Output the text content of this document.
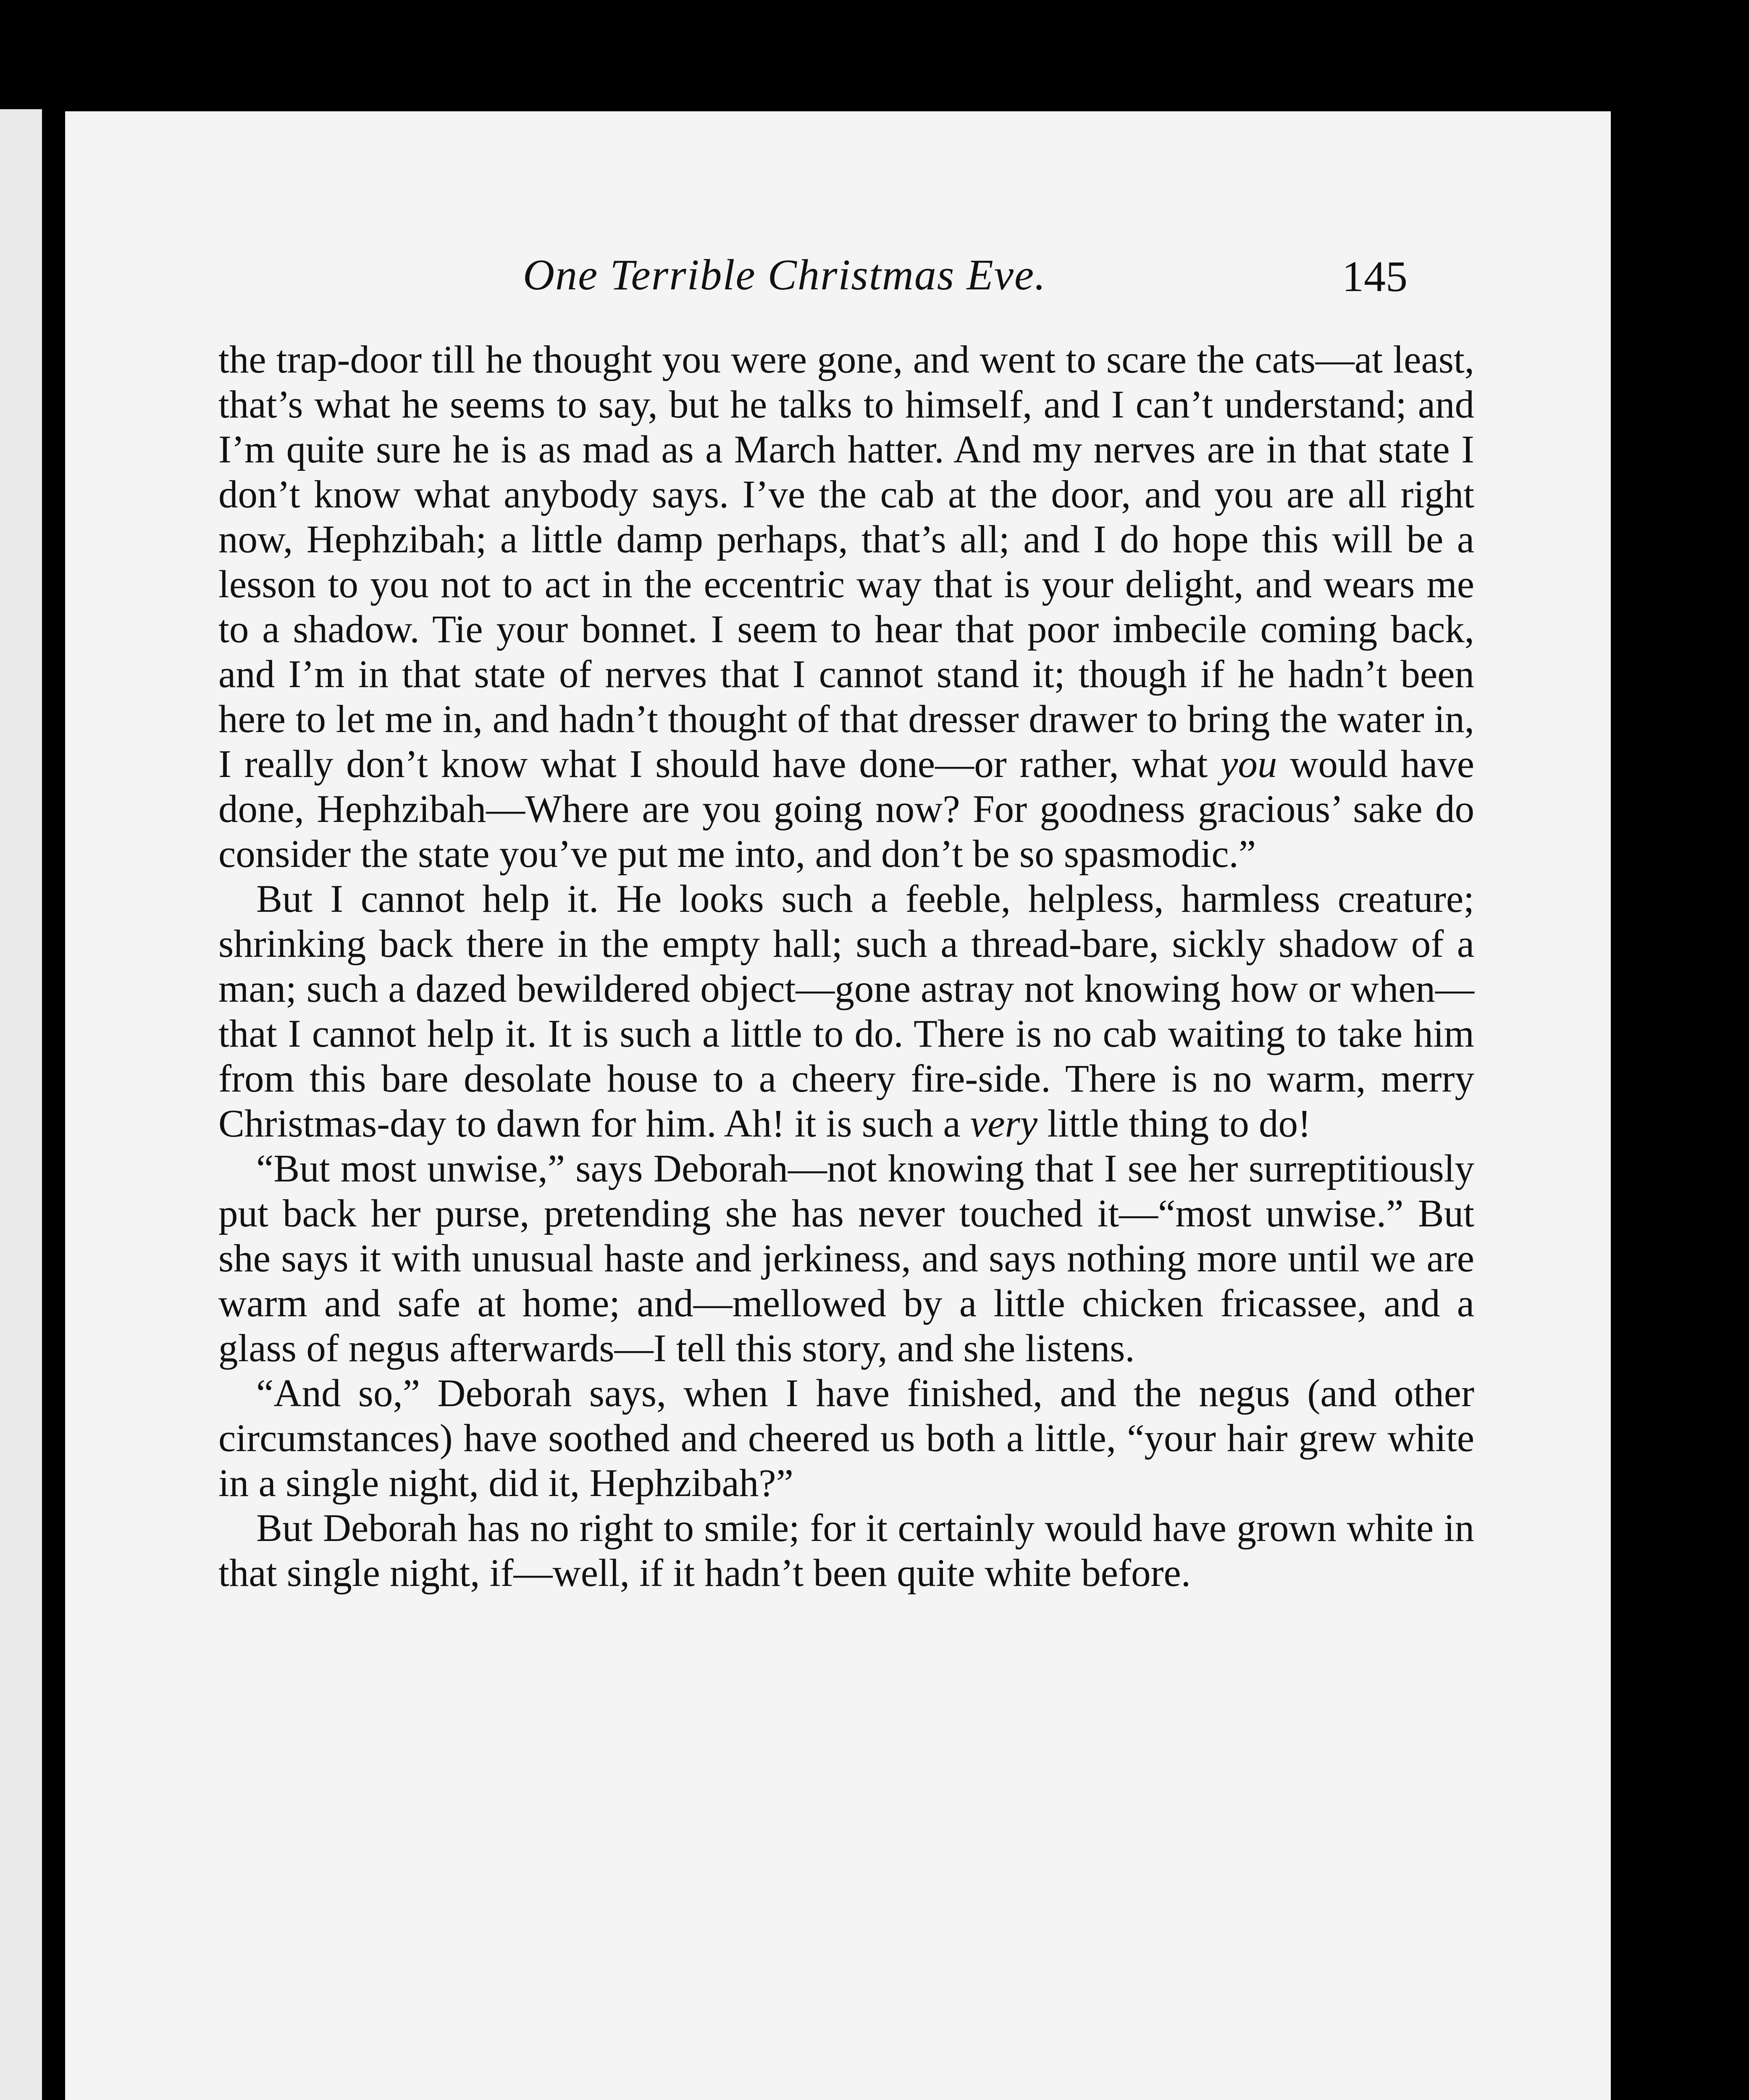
One Terrible Christmas Eve.	145

the trap-door till he thought you were gone, and went to scare the cats—at least, that’s what he seems to say, but he talks to himself, and I can’t understand; and I’m quite sure he is as mad as a March hatter. And my nerves are in that state I don’t know what anybody says. I’ve the cab at the door, and you are all right now, Hephzibah; a little damp perhaps, that’s all; and I do hope this will be a lesson to you not to act in the eccentric way that is your delight, and wears me to a shadow. Tie your bonnet. I seem to hear that poor imbecile coming back, and I’m in that state of nerves that I cannot stand it; though if he hadn’t been here to let me in, and hadn’t thought of that dresser drawer to bring the water in, I really don’t know what I should have done—or rather, what you would have done, Hephzibah—Where are you going now? For goodness gracious’ sake do consider the state you’ve put me into, and don’t be so spasmodic.”

But I cannot help it. He looks such a feeble, helpless, harmless creature; shrinking back there in the empty hall; such a thread-bare, sickly shadow of a man; such a dazed bewildered object—gone astray not knowing how or when—that I cannot help it. It is such a little to do. There is no cab waiting to take him from this bare desolate house to a cheery fire-side. There is no warm, merry Christmas-day to dawn for him. Ah! it is such a very little thing to do!

“But most unwise,” says Deborah—not knowing that I see her surreptitiously put back her purse, pretending she has never touched it—“most unwise.” But she says it with unusual haste and jerkiness, and says nothing more until we are warm and safe at home; and—mellowed by a little chicken fricassee, and a glass of negus afterwards—I tell this story, and she listens.

“And so,” Deborah says, when I have finished, and the negus (and other circumstances) have soothed and cheered us both a little, “your hair grew white in a single night, did it, Hephzibah?”

But Deborah has no right to smile; for it certainly would have grown white in that single night, if—well, if it hadn’t been quite white before.
